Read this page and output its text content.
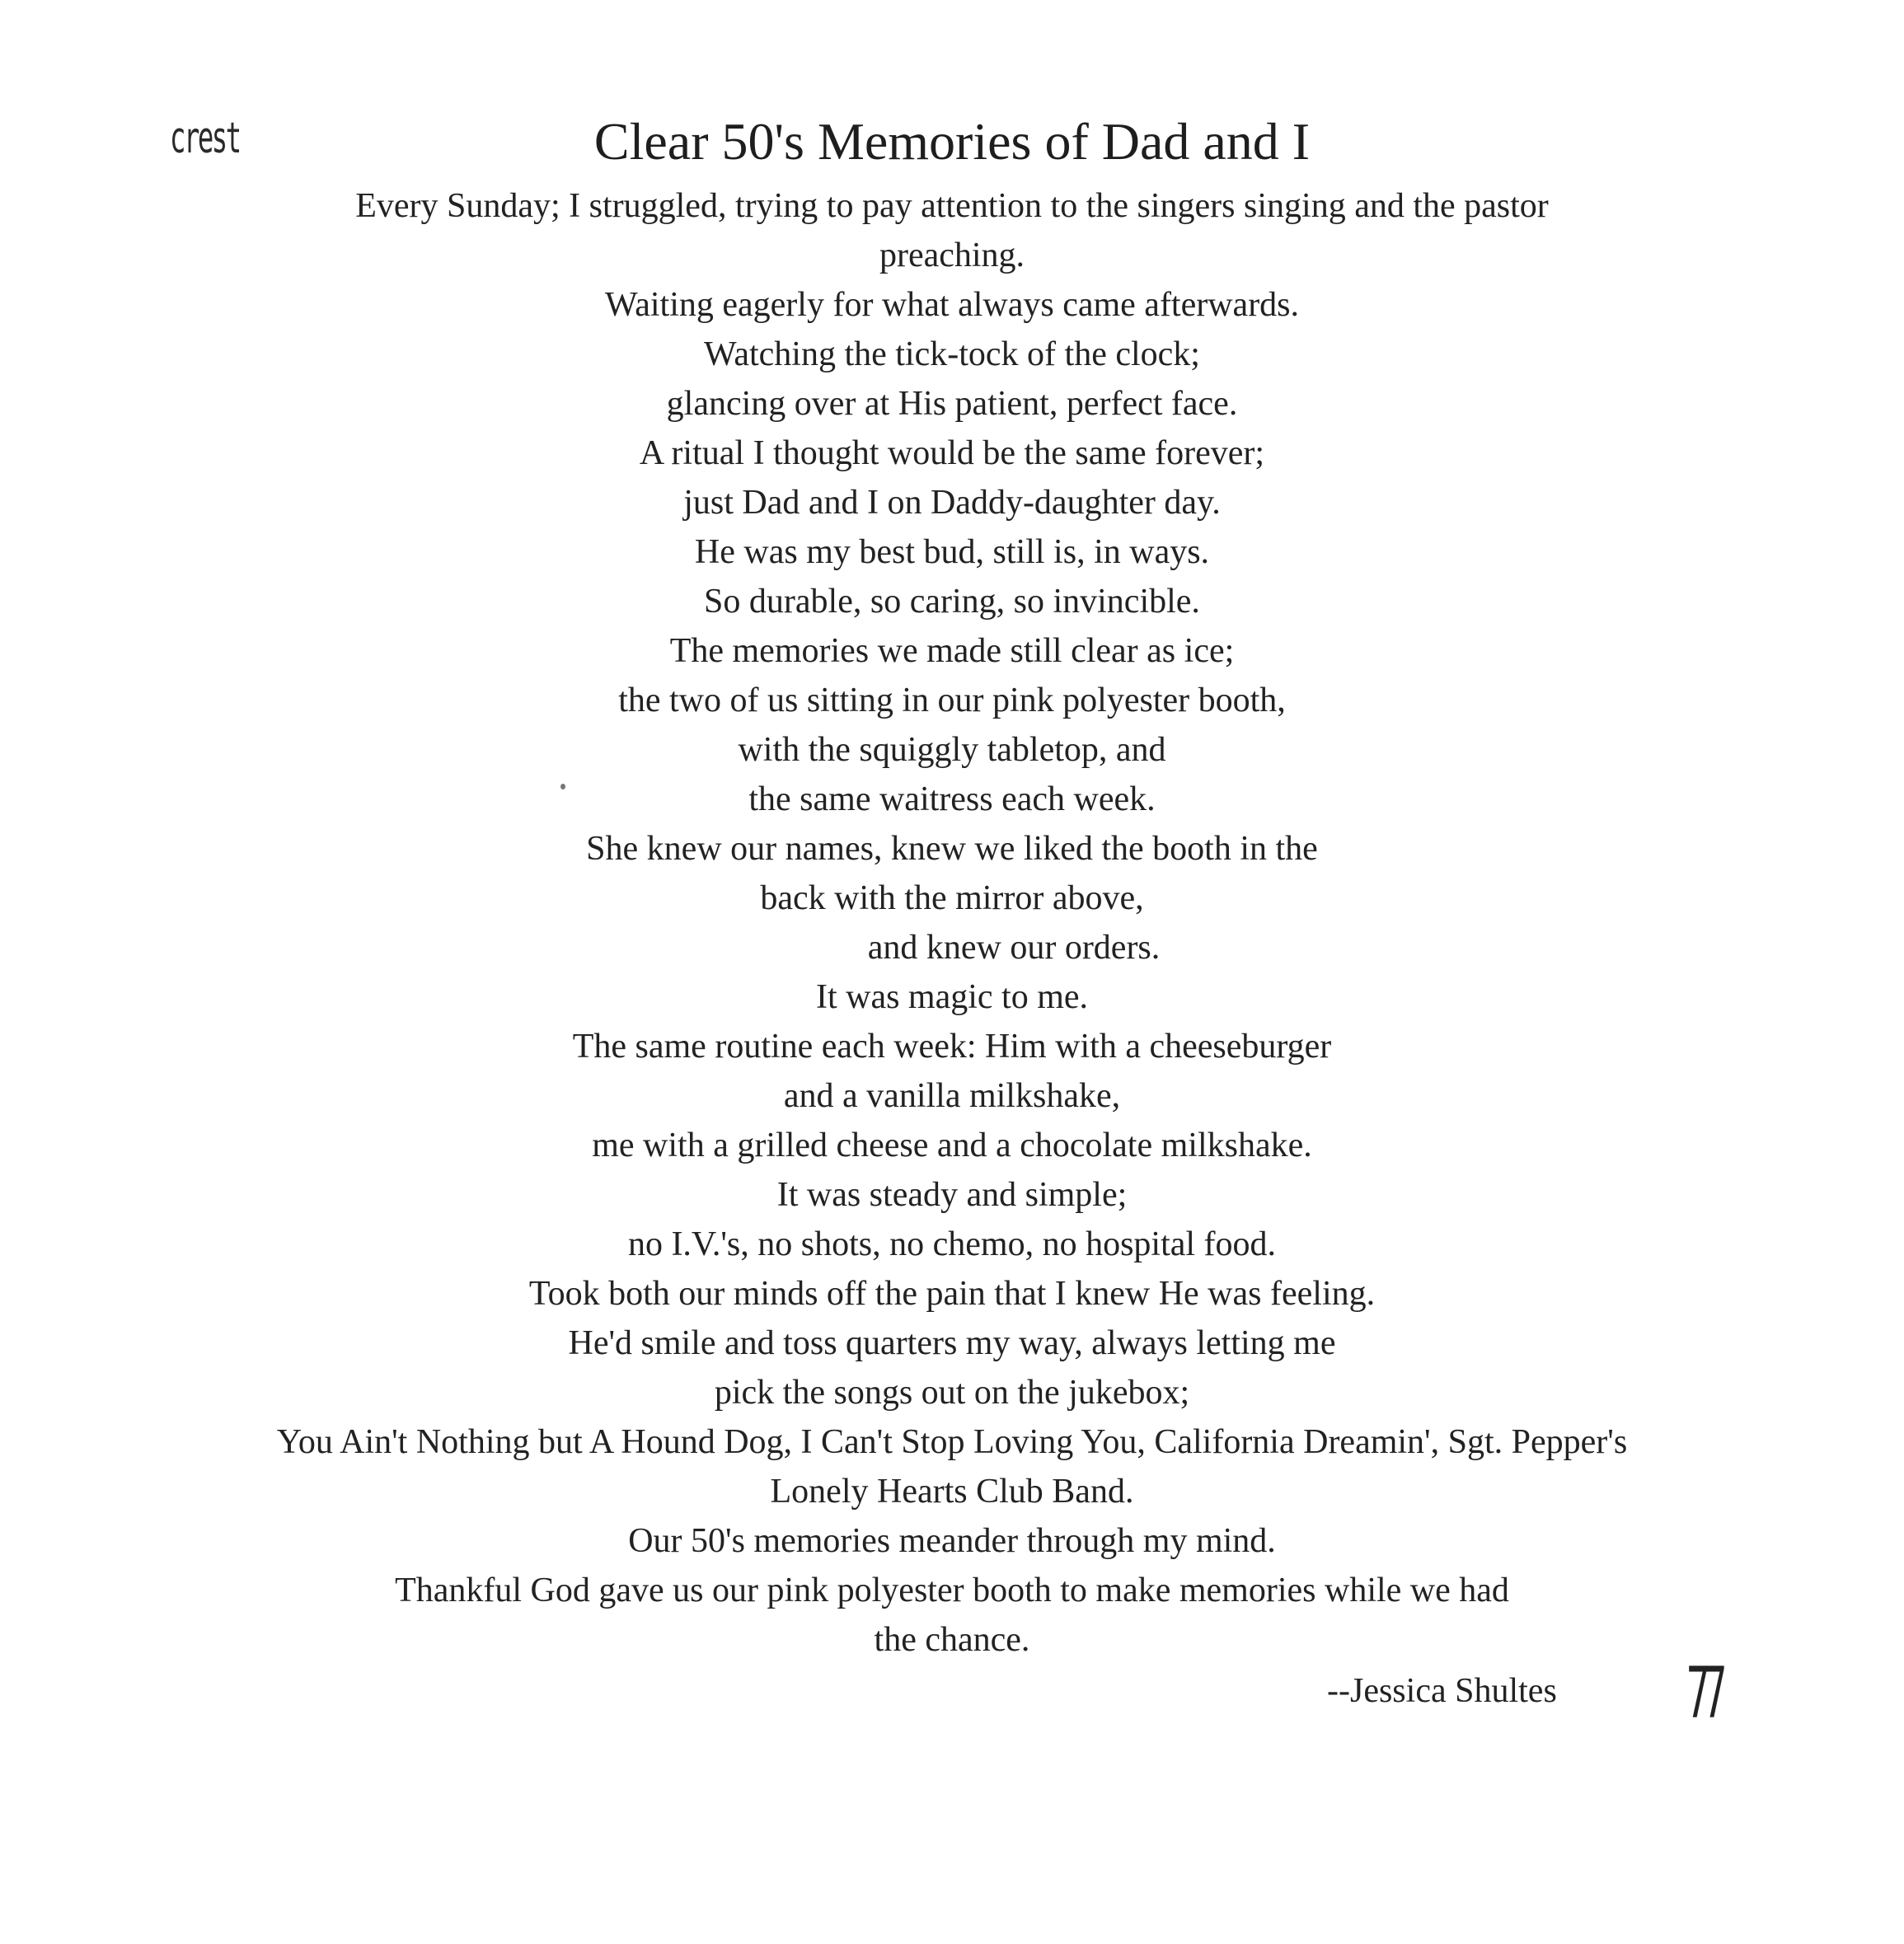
crest	Clear 50's Memories of Dad and I
Every Sunday; I struggled, trying to pay attention to the singers singing and the pastor
preaching.
Waiting eagerly for what always came afterwards.
Watching the tick-tock of the clock;
glancing over at His patient, perfect face.
A ritual I thought would be the same forever;
just Dad and I on Daddy-daughter day.
He was my best bud, still is, in ways.
So durable, so caring, so invincible.
The memories we made still clear as ice;
the two of us sitting in our pink polyester booth,
with the squiggly tabletop, and
the same waitress each week.
She knew our names, knew we liked the booth in the
back with the mirror above,
and knew our orders.
It was magic to me.
The same routine each week: Him with a cheeseburger
and a vanilla milkshake,
me with a grilled cheese and a chocolate milkshake.
It was steady and simple;
no I.V.'s, no shots, no chemo, no hospital food.
Took both our minds off the pain that I knew He was feeling.
He'd smile and toss quarters my way, always letting me
pick the songs out on the jukebox;
You Ain't Nothing but A Hound Dog, I Can't Stop Loving You, California Dreamin', Sgt. Pepper's
Lonely Hearts Club Band.
Our 50's memories meander through my mind.
Thankful God gave us our pink polyester booth to make memories while we had
the chance.
--Jessica Shultes 77
